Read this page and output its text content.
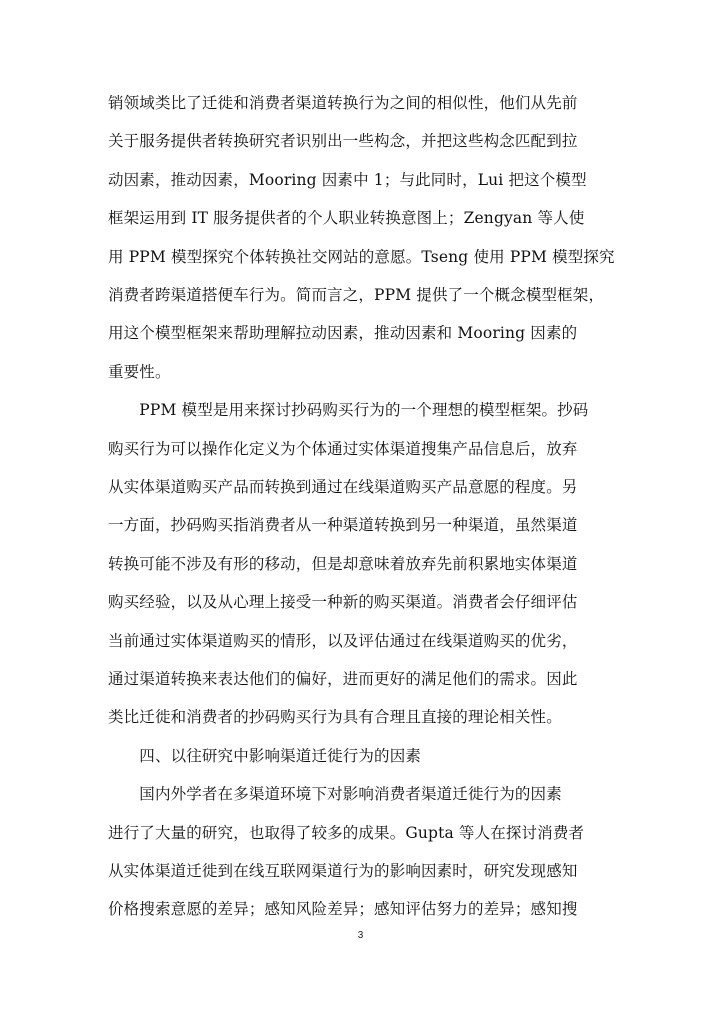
销领域类比了迁徙和消费者渠道转换行为之间的相似性，他们从先前
关于服务提供者转换研究者识别出一些构念，并把这些构念匹配到拉
动因素，推动因素，Mooring 因素中 1；与此同时，Lui 把这个模型
框架运用到 IT 服务提供者的个人职业转换意图上；Zengyan 等人使
用 PPM 模型探究个体转换社交网站的意愿。Tseng 使用 PPM 模型探究
消费者跨渠道搭便车行为。简而言之，PPM 提供了一个概念模型框架，
用这个模型框架来帮助理解拉动因素，推动因素和 Mooring 因素的
重要性。
　　PPM 模型是用来探讨抄码购买行为的一个理想的模型框架。抄码
购买行为可以操作化定义为个体通过实体渠道搜集产品信息后，放弃
从实体渠道购买产品而转换到通过在线渠道购买产品意愿的程度。另
一方面，抄码购买指消费者从一种渠道转换到另一种渠道，虽然渠道
转换可能不涉及有形的移动，但是却意味着放弃先前积累地实体渠道
购买经验，以及从心理上接受一种新的购买渠道。消费者会仔细评估
当前通过实体渠道购买的情形，以及评估通过在线渠道购买的优劣，
通过渠道转换来表达他们的偏好，进而更好的满足他们的需求。因此
类比迁徙和消费者的抄码购买行为具有合理且直接的理论相关性。
　　四、以往研究中影响渠道迁徙行为的因素
　　国内外学者在多渠道环境下对影响消费者渠道迁徙行为的因素
进行了大量的研究，也取得了较多的成果。Gupta 等人在探讨消费者
从实体渠道迁徙到在线互联网渠道行为的影响因素时，研究发现感知
价格搜索意愿的差异；感知风险差异；感知评估努力的差异；感知搜
3
